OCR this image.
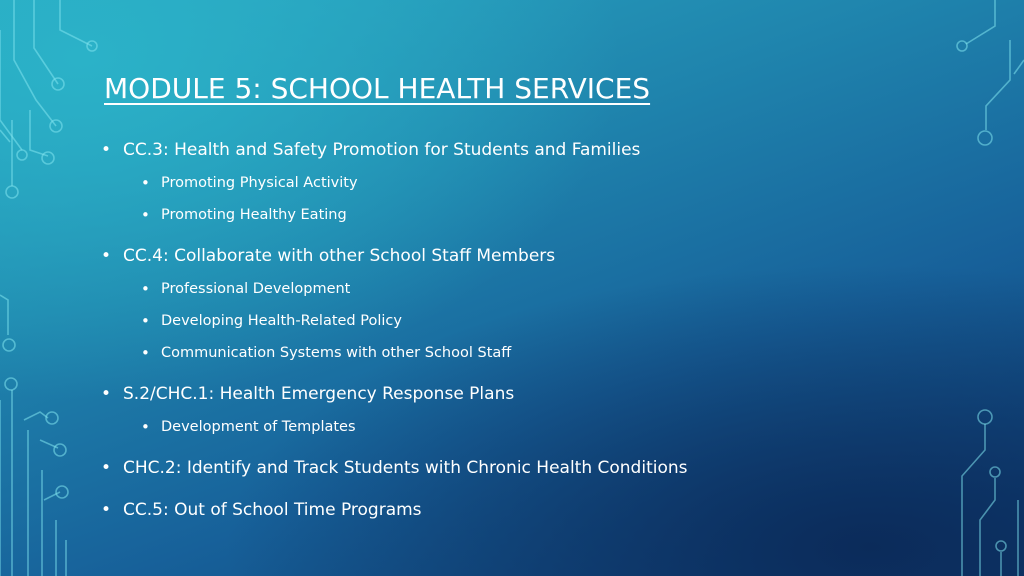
MODULE 5: SCHOOL HEALTH SERVICES
• CC.3: Health and Safety Promotion for Students and Families
• Promoting Physical Activity
• Promoting Healthy Eating
• CC.4: Collaborate with other School Staff Members
• Professional Development
• Developing Health-Related Policy
• Communication Systems with other School Staff
• S.2/CHC.1: Health Emergency Response Plans
• Development of Templates
• CHC.2: Identify and Track Students with Chronic Health Conditions
• CC.5: Out of School Time Programs
